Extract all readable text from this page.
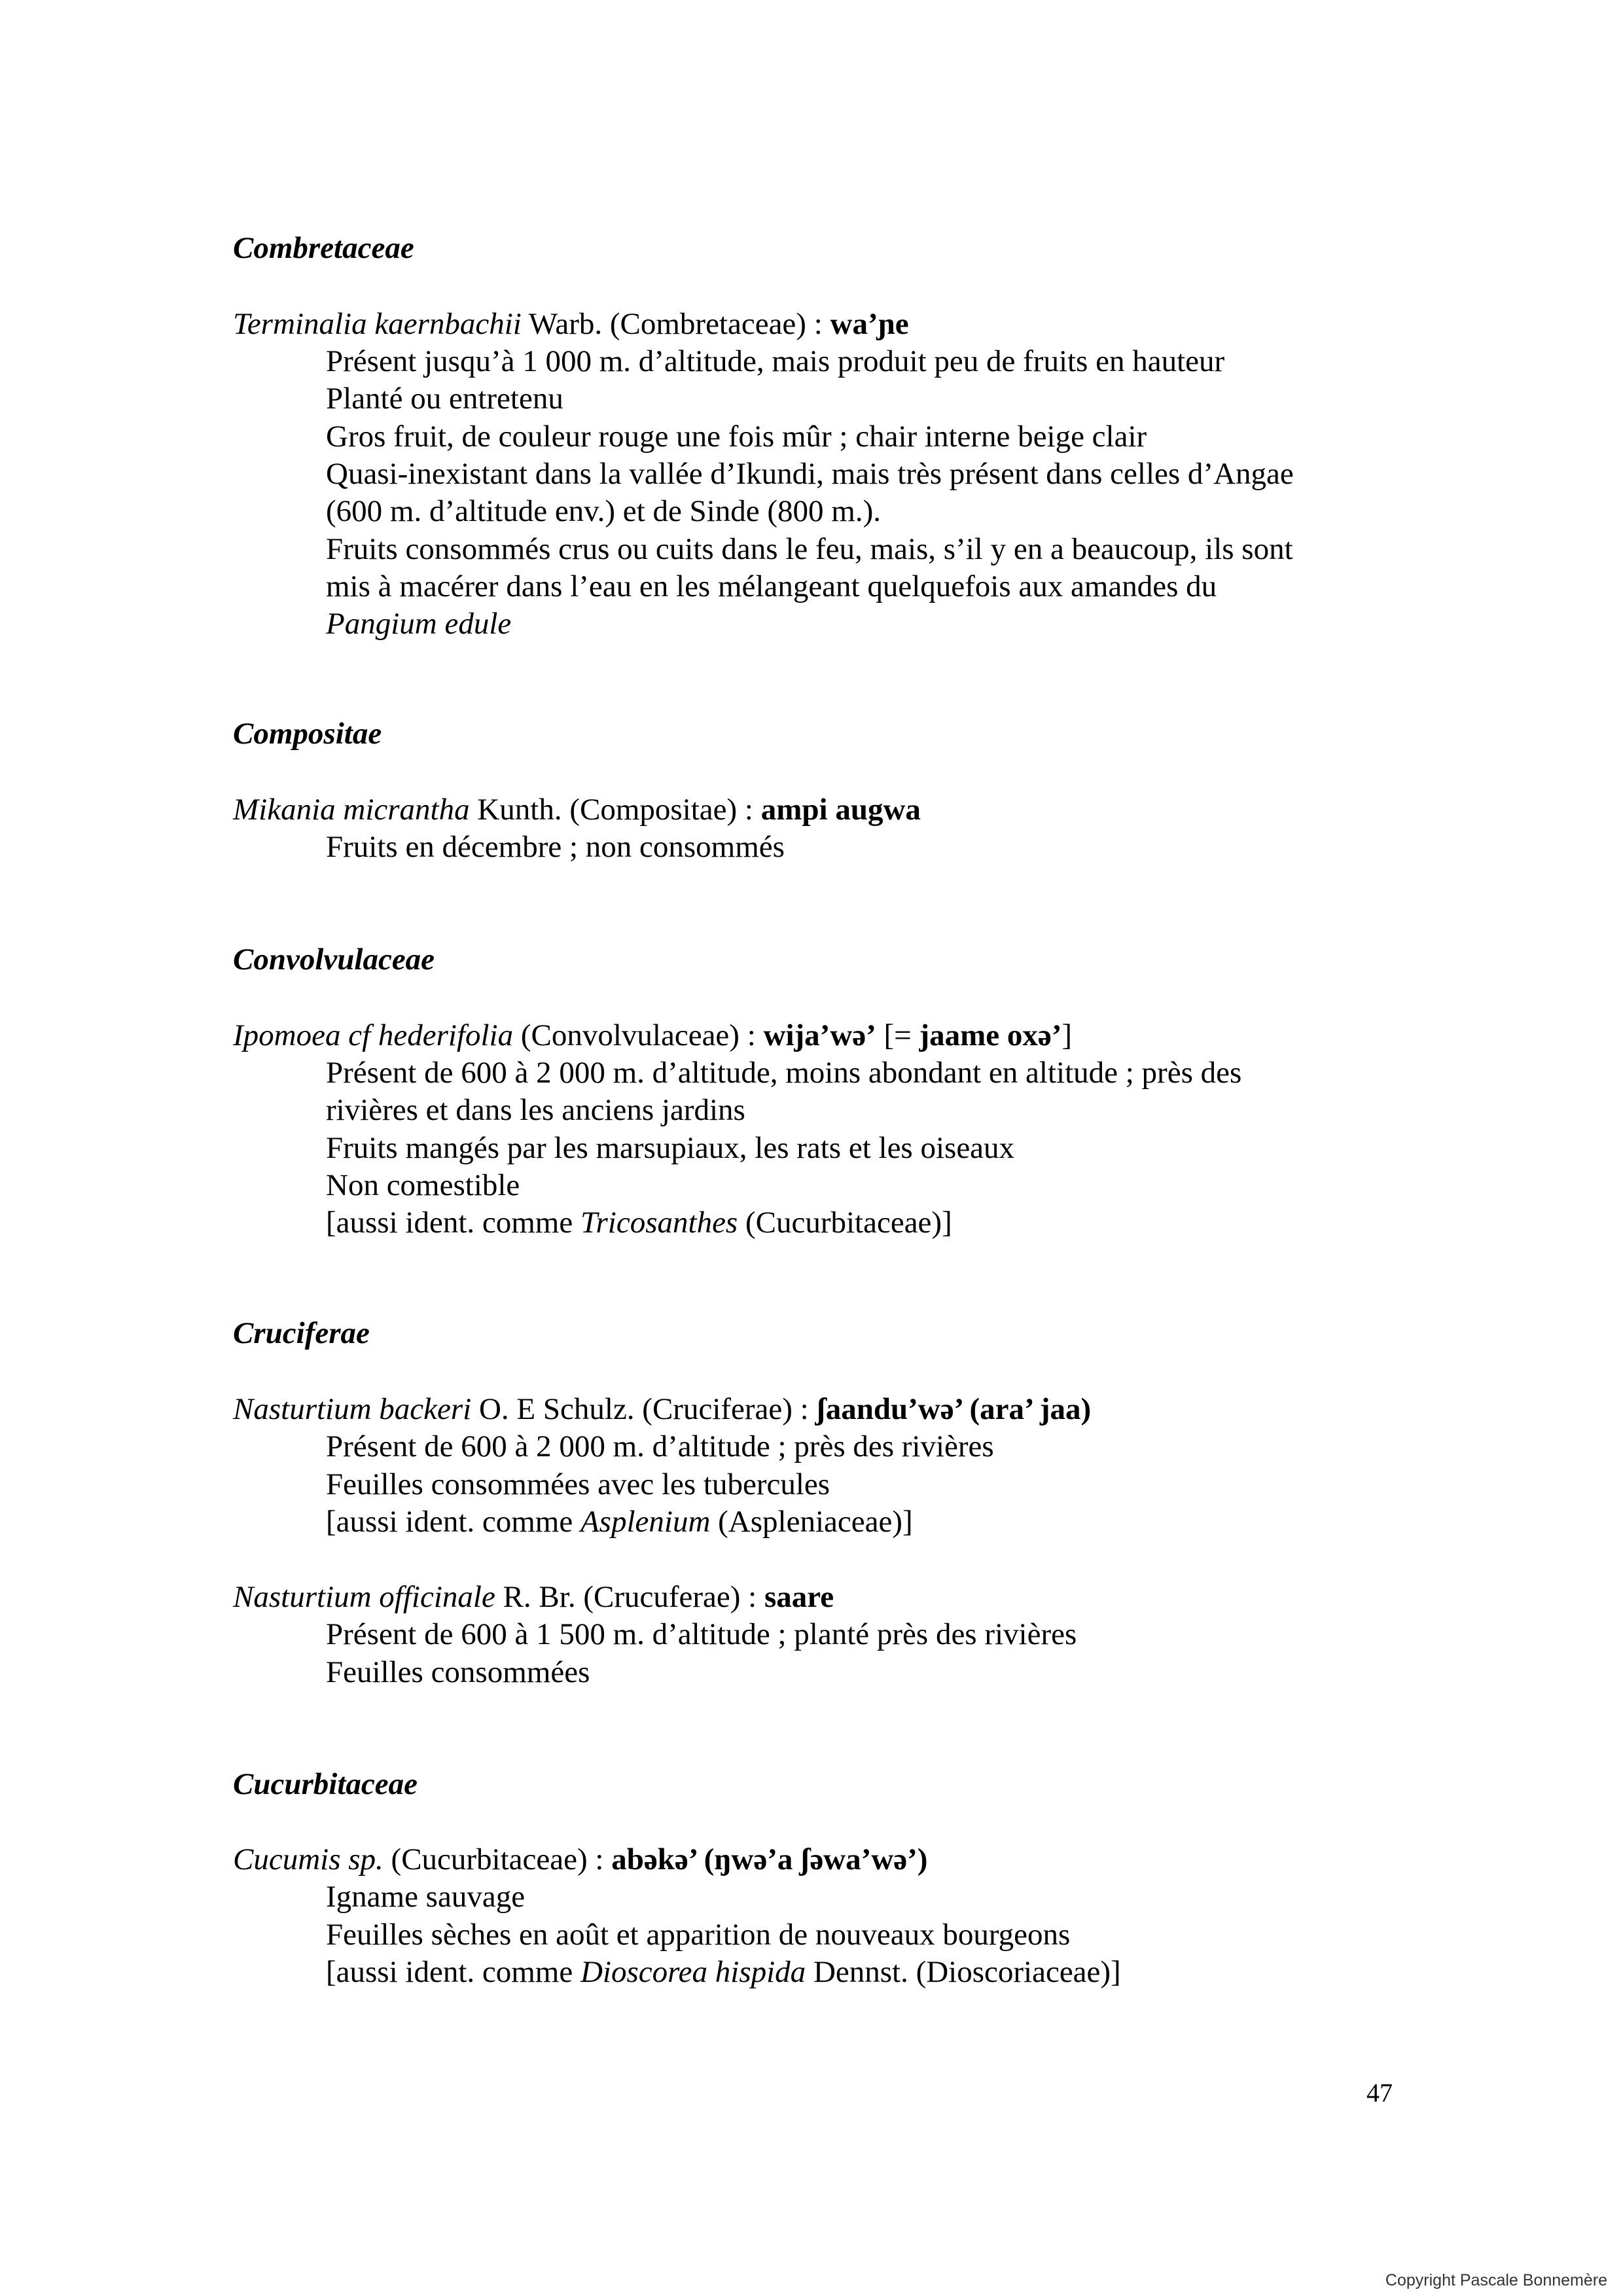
Combretaceae
Terminalia kaernbachii Warb. (Combretaceae) : wa’ɲe
Présent jusqu’à 1 000 m. d’altitude, mais produit peu de fruits en hauteur
Planté ou entretenu
Gros fruit, de couleur rouge une fois mûr ; chair interne beige clair
Quasi-inexistant dans la vallée d’Ikundi, mais très présent dans celles d’Angae
(600 m. d’altitude env.) et de Sinde (800 m.).
Fruits consommés crus ou cuits dans le feu, mais, s’il y en a beaucoup, ils sont
mis à macérer dans l’eau en les mélangeant quelquefois aux amandes du
Pangium edule
Compositae
Mikania micrantha Kunth. (Compositae) : ampi augwa
Fruits en décembre ; non consommés
Convolvulaceae
Ipomoea cf hederifolia (Convolvulaceae) : wija’wə’ [= jaame oxə’]
Présent de 600 à 2 000 m. d’altitude, moins abondant en altitude ; près des
rivières et dans les anciens jardins
Fruits mangés par les marsupiaux, les rats et les oiseaux
Non comestible
[aussi ident. comme Tricosanthes (Cucurbitaceae)]
Cruciferae
Nasturtium backeri O. E Schulz. (Cruciferae) : ʃaandu’wə’ (ara’ jaa)
Présent de 600 à 2 000 m. d’altitude ; près des rivières
Feuilles consommées avec les tubercules
[aussi ident. comme Asplenium (Aspleniaceae)]
Nasturtium officinale R. Br. (Crucuferae) : saare
Présent de 600 à 1 500 m. d’altitude ; planté près des rivières
Feuilles consommées
Cucurbitaceae
Cucumis sp. (Cucurbitaceae) : abəkə’ (ŋwə’a ʃəwa’wə’)
Igname sauvage
Feuilles sèches en août et apparition de nouveaux bourgeons
[aussi ident. comme Dioscorea hispida Dennst. (Dioscoriaceae)]
47
Copyright Pascale Bonnemère
